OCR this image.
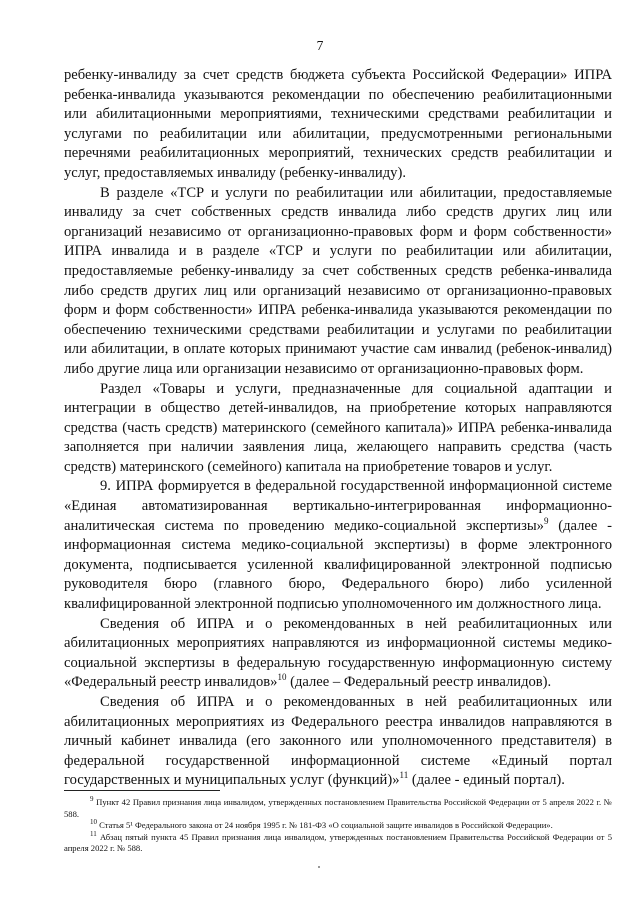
7

ребенку-инвалиду за счет средств бюджета субъекта Российской Федерации» ИПРА ребенка-инвалида указываются рекомендации по обеспечению реабилитационными или абилитационными мероприятиями, техническими средствами реабилитации и услугами по реабилитации или абилитации, предусмотренными региональными перечнями реабилитационных мероприятий, технических средств реабилитации и услуг, предоставляемых инвалиду (ребенку-инвалиду).

В разделе «ТСР и услуги по реабилитации или абилитации, предоставляемые инвалиду за счет собственных средств инвалида либо средств других лиц или организаций независимо от организационно-правовых форм и форм собственности» ИПРА инвалида и в разделе «ТСР и услуги по реабилитации или абилитации, предоставляемые ребенку-инвалиду за счет собственных средств ребенка-инвалида либо средств других лиц или организаций независимо от организационно-правовых форм и форм собственности» ИПРА ребенка-инвалида указываются рекомендации по обеспечению техническими средствами реабилитации и услугами по реабилитации или абилитации, в оплате которых принимают участие сам инвалид (ребенок-инвалид) либо другие лица или организации независимо от организационно-правовых форм.

Раздел «Товары и услуги, предназначенные для социальной адаптации и интеграции в общество детей-инвалидов, на приобретение которых направляются средства (часть средств) материнского (семейного капитала)» ИПРА ребенка-инвалида заполняется при наличии заявления лица, желающего направить средства (часть средств) материнского (семейного) капитала на приобретение товаров и услуг.

9. ИПРА формируется в федеральной государственной информационной системе «Единая автоматизированная вертикально-интегрированная информационно-аналитическая система по проведению медико-социальной экспертизы»$^9$ (далее - информационная система медико-социальной экспертизы) в форме электронного документа, подписывается усиленной квалифицированной электронной подписью руководителя бюро (главного бюро, Федерального бюро) либо усиленной квалифицированной электронной подписью уполномоченного им должностного лица.

Сведения об ИПРА и о рекомендованных в ней реабилитационных или абилитационных мероприятиях направляются из информационной системы медико-социальной экспертизы в федеральную государственную информационную систему «Федеральный реестр инвалидов»$^{10}$ (далее – Федеральный реестр инвалидов).

Сведения об ИПРА и о рекомендованных в ней реабилитационных или абилитационных мероприятиях из Федерального реестра инвалидов направляются в личный кабинет инвалида (его законного или уполномоченного представителя) в федеральной государственной информационной системе «Единый портал государственных и муниципальных услуг (функций)»$^{11}$ (далее - единый портал).

$^9$ Пункт 42 Правил признания лица инвалидом, утвержденных постановлением Правительства Российской Федерации от 5 апреля 2022 г. № 588.

$^{10}$ Статья 5¹ Федерального закона от 24 ноября 1995 г. № 181-ФЗ «О социальной защите инвалидов в Российской Федерации».

$^{11}$ Абзац пятый пункта 45 Правил признания лица инвалидом, утвержденных постановлением Правительства Российской Федерации от 5 апреля 2022 г. № 588.
